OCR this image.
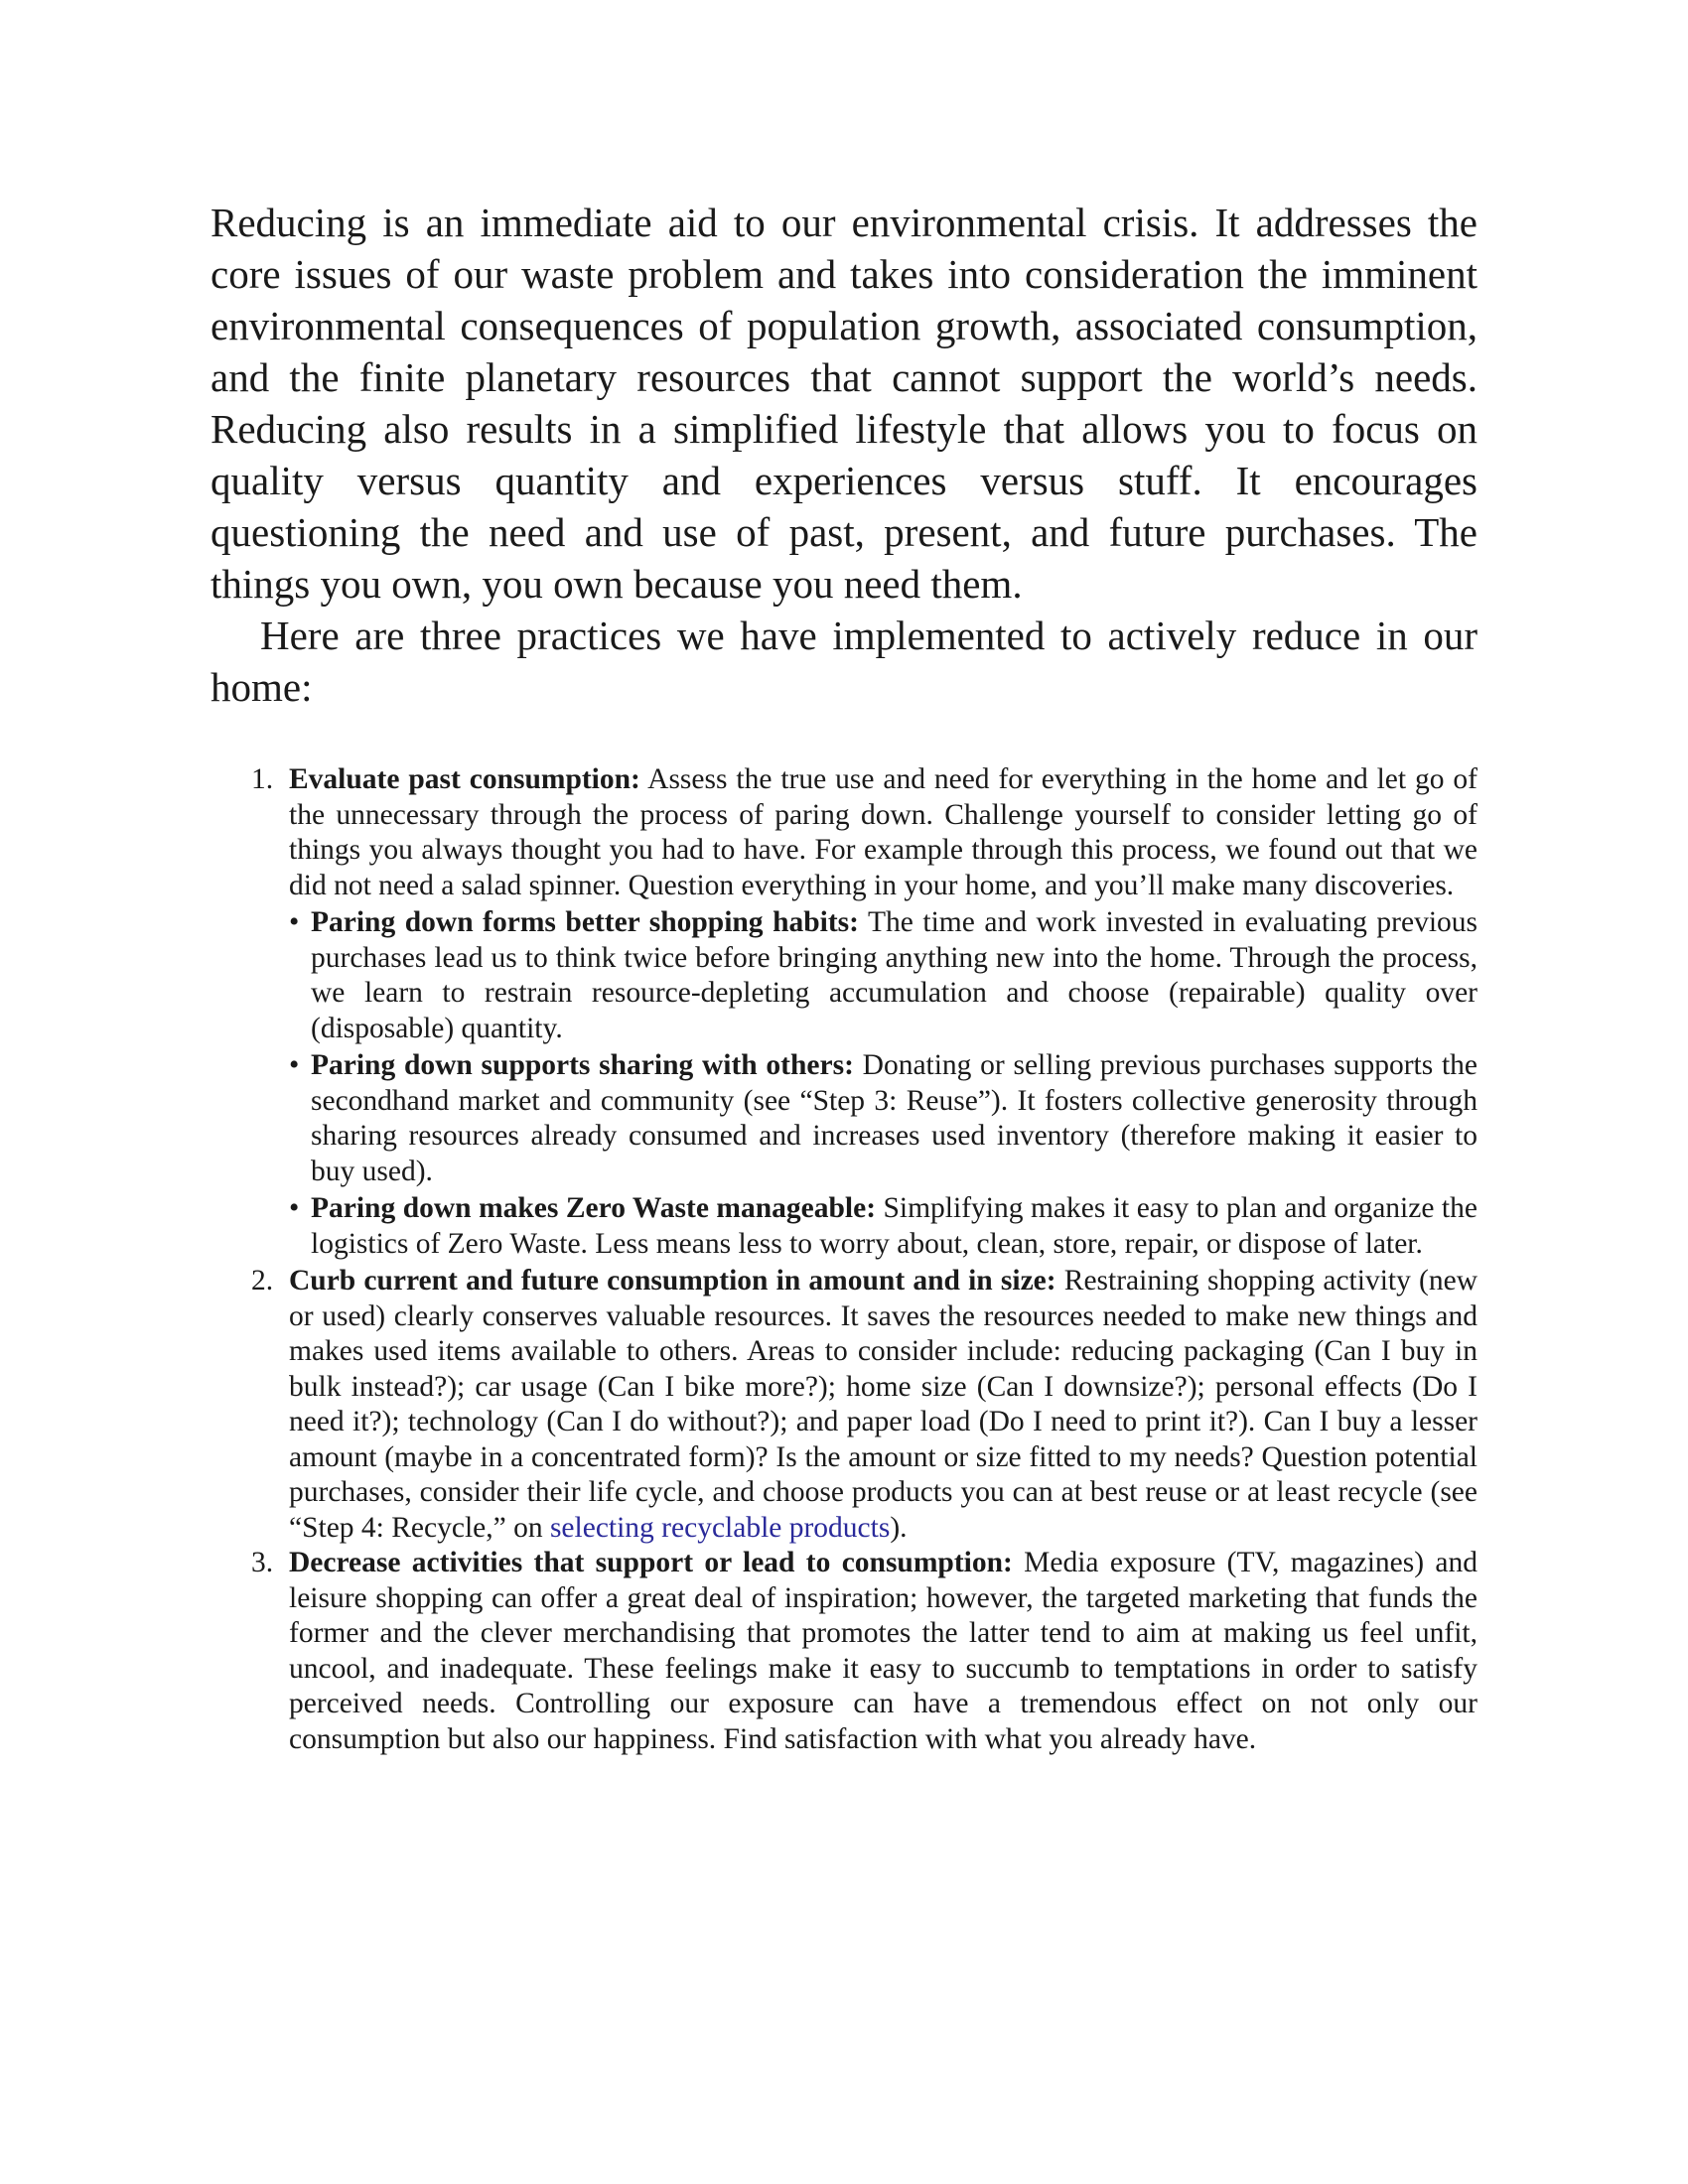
Reducing is an immediate aid to our environmental crisis. It addresses the core issues of our waste problem and takes into consideration the imminent environmental consequences of population growth, associated consumption, and the finite planetary resources that cannot support the world’s needs. Reducing also results in a simplified lifestyle that allows you to focus on quality versus quantity and experiences versus stuff. It encourages questioning the need and use of past, present, and future purchases. The things you own, you own because you need them.

Here are three practices we have implemented to actively reduce in our home:

1. Evaluate past consumption: Assess the true use and need for everything in the home and let go of the unnecessary through the process of paring down. Challenge yourself to consider letting go of things you always thought you had to have. For example through this process, we found out that we did not need a salad spinner. Question everything in your home, and you’ll make many discoveries.
• Paring down forms better shopping habits: The time and work invested in evaluating previous purchases lead us to think twice before bringing anything new into the home. Through the process, we learn to restrain resource-depleting accumulation and choose (repairable) quality over (disposable) quantity.
• Paring down supports sharing with others: Donating or selling previous purchases supports the secondhand market and community (see “Step 3: Reuse”). It fosters collective generosity through sharing resources already consumed and increases used inventory (therefore making it easier to buy used).
• Paring down makes Zero Waste manageable: Simplifying makes it easy to plan and organize the logistics of Zero Waste. Less means less to worry about, clean, store, repair, or dispose of later.
2. Curb current and future consumption in amount and in size: Restraining shopping activity (new or used) clearly conserves valuable resources. It saves the resources needed to make new things and makes used items available to others. Areas to consider include: reducing packaging (Can I buy in bulk instead?); car usage (Can I bike more?); home size (Can I downsize?); personal effects (Do I need it?); technology (Can I do without?); and paper load (Do I need to print it?). Can I buy a lesser amount (maybe in a concentrated form)? Is the amount or size fitted to my needs? Question potential purchases, consider their life cycle, and choose products you can at best reuse or at least recycle (see “Step 4: Recycle,” on selecting recyclable products).
3. Decrease activities that support or lead to consumption: Media exposure (TV, magazines) and leisure shopping can offer a great deal of inspiration; however, the targeted marketing that funds the former and the clever merchandising that promotes the latter tend to aim at making us feel unfit, uncool, and inadequate. These feelings make it easy to succumb to temptations in order to satisfy perceived needs. Controlling our exposure can have a tremendous effect on not only our consumption but also our happiness. Find satisfaction with what you already have.
